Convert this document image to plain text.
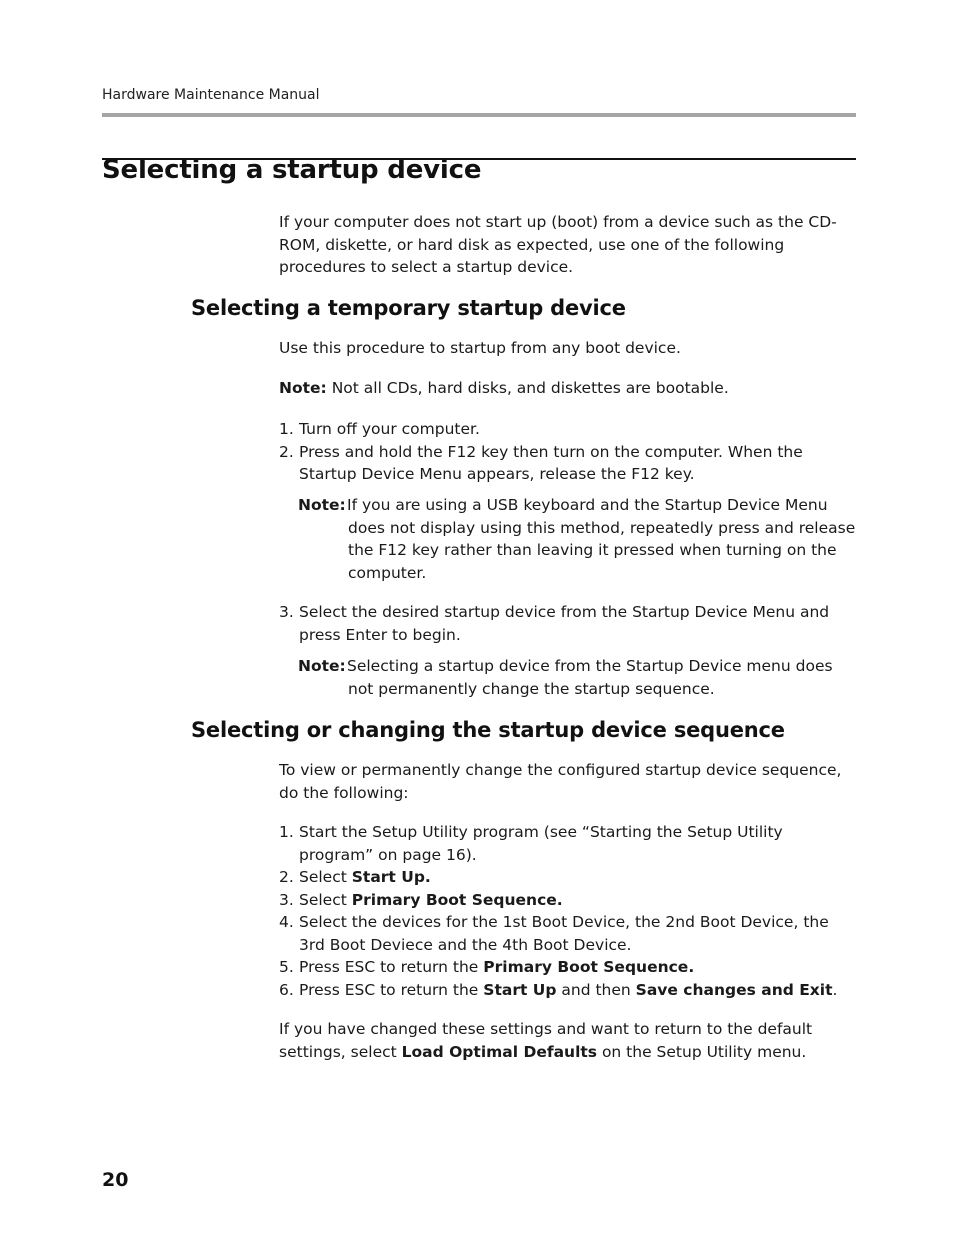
Hardware Maintenance Manual
Selecting a startup device

If your computer does not start up (boot) from a device such as the CD-ROM, diskette, or hard disk as expected, use one of the following procedures to select a startup device.

Selecting a temporary startup device

Use this procedure to startup from any boot device.

Note: Not all CDs, hard disks, and diskettes are bootable.

1. Turn off your computer.
2. Press and hold the F12 key then turn on the computer. When the Startup Device Menu appears, release the F12 key.

Note:If you are using a USB keyboard and the Startup Device Menu does not display using this method, repeatedly press and release the F12 key rather than leaving it pressed when turning on the computer.

3. Select the desired startup device from the Startup Device Menu and press Enter to begin.

Note:Selecting a startup device from the Startup Device menu does not permanently change the startup sequence.

Selecting or changing the startup device sequence

To view or permanently change the configured startup device sequence, do the following:

1. Start the Setup Utility program (see “Starting the Setup Utility program” on page 16).
2. Select Start Up.
3. Select Primary Boot Sequence.
4. Select the devices for the 1st Boot Device, the 2nd Boot Device, the 3rd Boot Deviece and the 4th Boot Device.
5. Press ESC to return the Primary Boot Sequence.
6. Press ESC to return the Start Up and then Save changes and Exit.

If you have changed these settings and want to return to the default settings, select Load Optimal Defaults on the Setup Utility menu.

20
